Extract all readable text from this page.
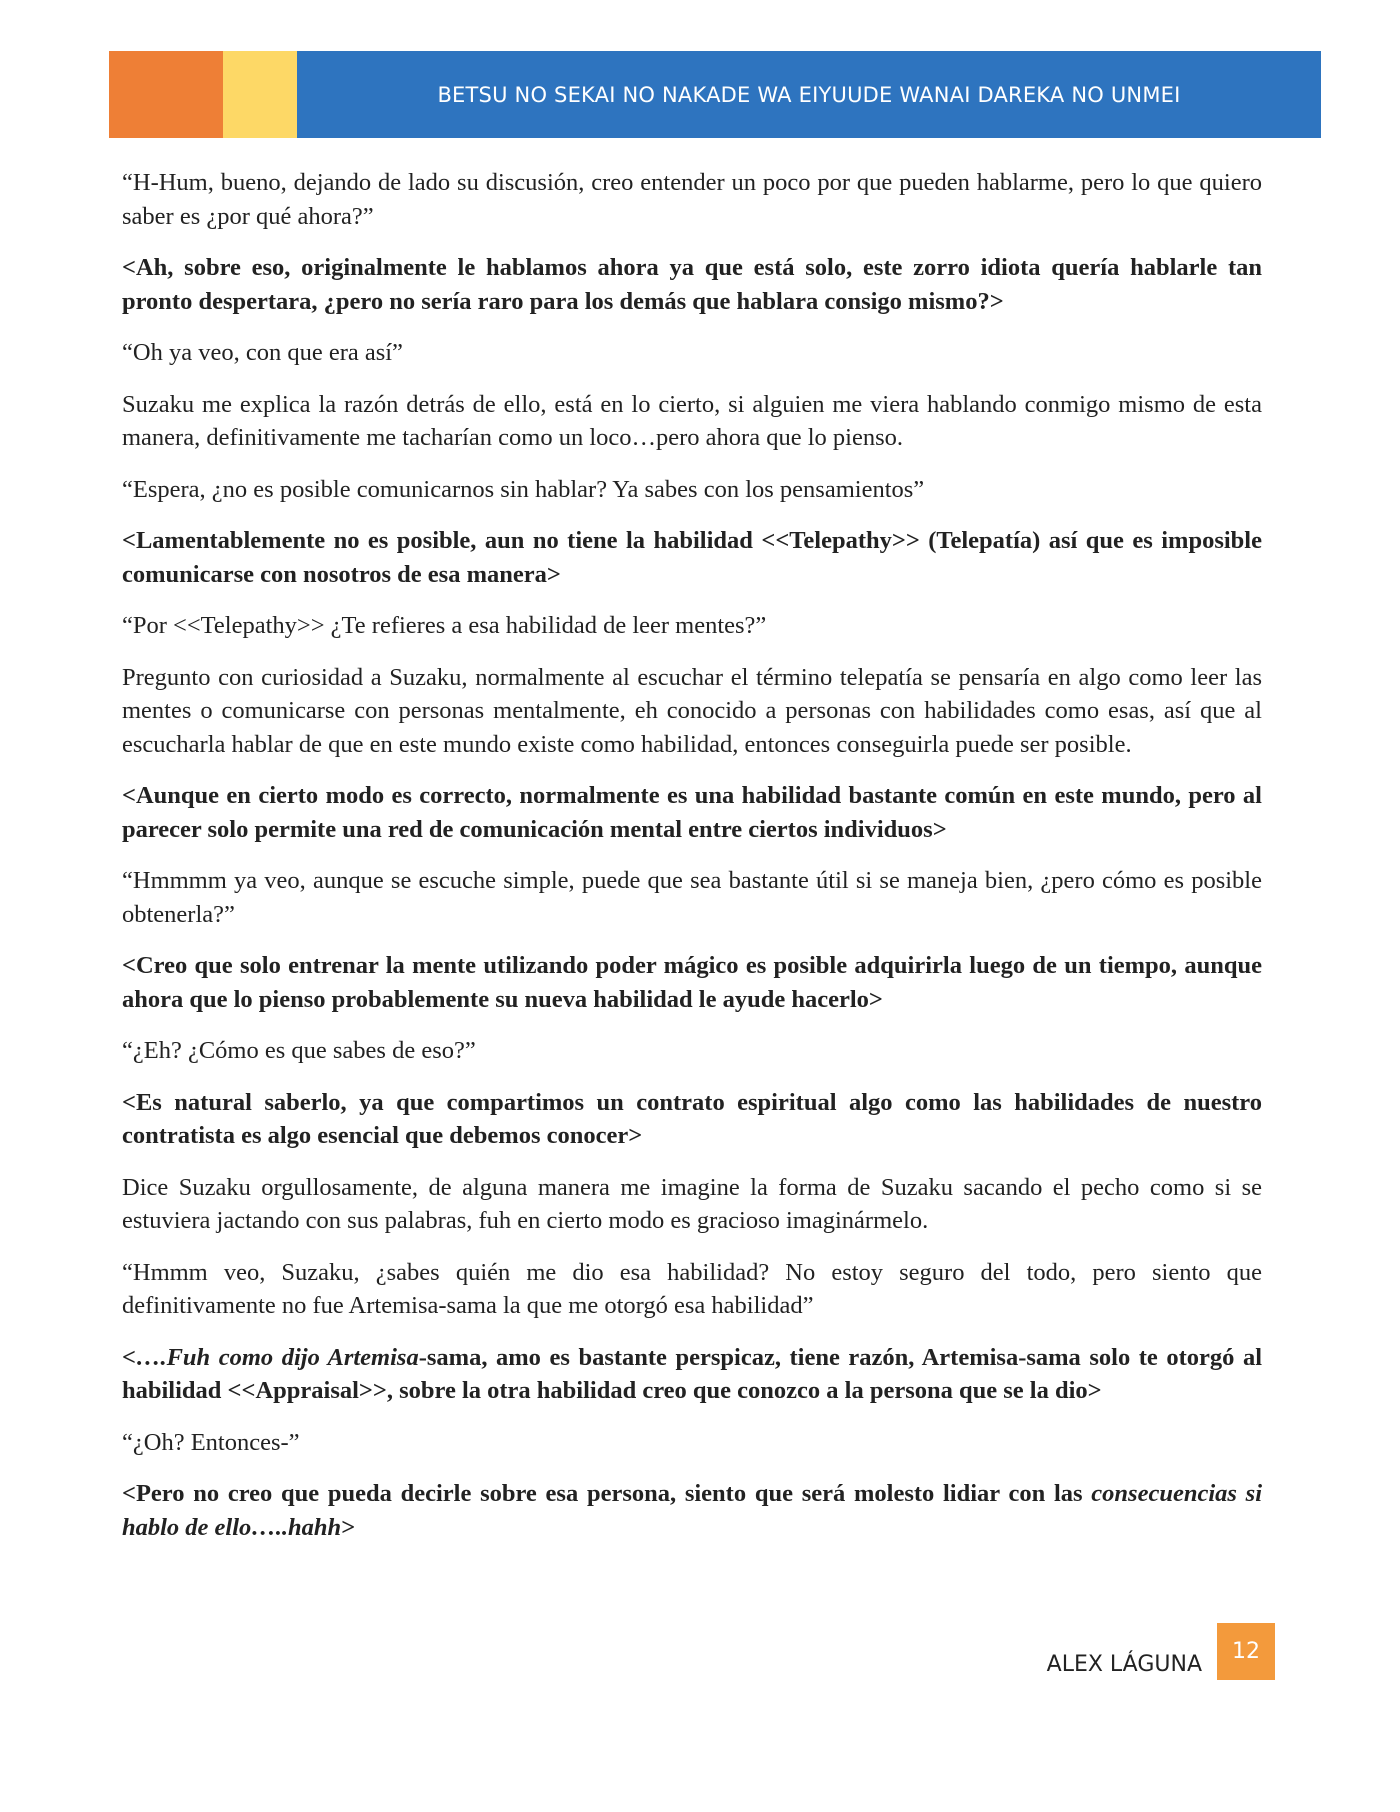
BETSU NO SEKAI NO NAKADE WA EIYUUDE WANAI DAREKA NO UNMEI

“H-Hum, bueno, dejando de lado su discusión, creo entender un poco por que pueden hablarme, pero lo que quiero saber es ¿por qué ahora?”

<Ah, sobre eso, originalmente le hablamos ahora ya que está solo, este zorro idiota quería hablarle tan pronto despertara, ¿pero no sería raro para los demás que hablara consigo mismo?>

“Oh ya veo, con que era así”

Suzaku me explica la razón detrás de ello, está en lo cierto, si alguien me viera hablando conmigo mismo de esta manera, definitivamente me tacharían como un loco…pero ahora que lo pienso.

“Espera, ¿no es posible comunicarnos sin hablar? Ya sabes con los pensamientos”

<Lamentablemente no es posible, aun no tiene la habilidad <<Telepathy>> (Telepatía) así que es imposible comunicarse con nosotros de esa manera>

“Por <<Telepathy>> ¿Te refieres a esa habilidad de leer mentes?”

Pregunto con curiosidad a Suzaku, normalmente al escuchar el término telepatía se pensaría en algo como leer las mentes o comunicarse con personas mentalmente, eh conocido a personas con habilidades como esas, así que al escucharla hablar de que en este mundo existe como habilidad, entonces conseguirla puede ser posible.

<Aunque en cierto modo es correcto, normalmente es una habilidad bastante común en este mundo, pero al parecer solo permite una red de comunicación mental entre ciertos individuos>

“Hmmmm ya veo, aunque se escuche simple, puede que sea bastante útil si se maneja bien, ¿pero cómo es posible obtenerla?”

<Creo que solo entrenar la mente utilizando poder mágico es posible adquirirla luego de un tiempo, aunque ahora que lo pienso probablemente su nueva habilidad le ayude hacerlo>

“¿Eh? ¿Cómo es que sabes de eso?”

<Es natural saberlo, ya que compartimos un contrato espiritual algo como las habilidades de nuestro contratista es algo esencial que debemos conocer>

Dice Suzaku orgullosamente, de alguna manera me imagine la forma de Suzaku sacando el pecho como si se estuviera jactando con sus palabras, fuh en cierto modo es gracioso imaginármelo.

“Hmmm veo, Suzaku, ¿sabes quién me dio esa habilidad? No estoy seguro del todo, pero siento que definitivamente no fue Artemisa-sama la que me otorgó esa habilidad”

<….Fuh como dijo Artemisa-sama, amo es bastante perspicaz, tiene razón, Artemisa-sama solo te otorgó al habilidad <<Appraisal>>, sobre la otra habilidad creo que conozco a la persona que se la dio>

“¿Oh? Entonces-”

<Pero no creo que pueda decirle sobre esa persona, siento que será molesto lidiar con las consecuencias si hablo de ello…..hahh>

ALEX LÁGUNA	12
